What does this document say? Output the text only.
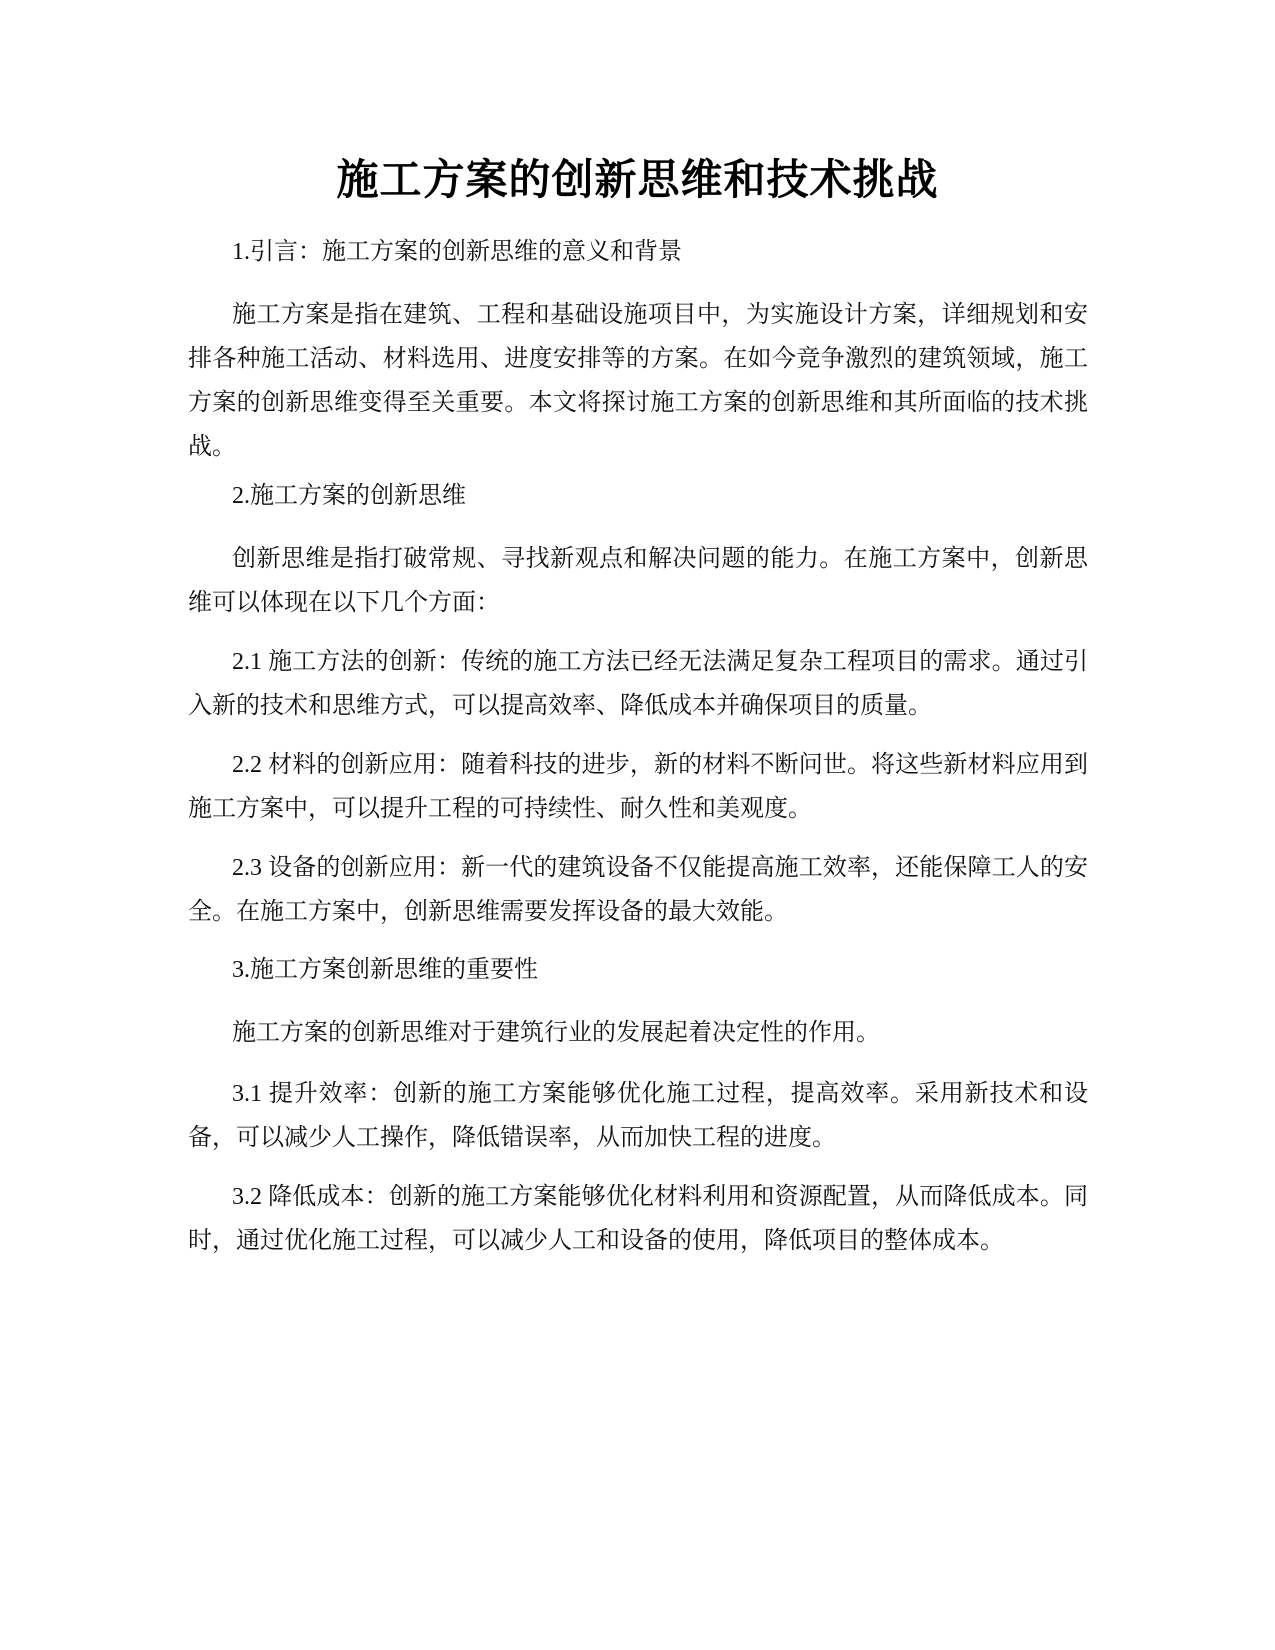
施工方案的创新思维和技术挑战

1.引言：施工方案的创新思维的意义和背景

施工方案是指在建筑、工程和基础设施项目中，为实施设计方案，详细规划和安排各种施工活动、材料选用、进度安排等的方案。在如今竞争激烈的建筑领域，施工方案的创新思维变得至关重要。本文将探讨施工方案的创新思维和其所面临的技术挑战。

2.施工方案的创新思维

创新思维是指打破常规、寻找新观点和解决问题的能力。在施工方案中，创新思维可以体现在以下几个方面：

2.1 施工方法的创新：传统的施工方法已经无法满足复杂工程项目的需求。通过引入新的技术和思维方式，可以提高效率、降低成本并确保项目的质量。

2.2 材料的创新应用：随着科技的进步，新的材料不断问世。将这些新材料应用到施工方案中，可以提升工程的可持续性、耐久性和美观度。

2.3 设备的创新应用：新一代的建筑设备不仅能提高施工效率，还能保障工人的安全。在施工方案中，创新思维需要发挥设备的最大效能。

3.施工方案创新思维的重要性

施工方案的创新思维对于建筑行业的发展起着决定性的作用。

3.1 提升效率：创新的施工方案能够优化施工过程，提高效率。采用新技术和设备，可以减少人工操作，降低错误率，从而加快工程的进度。

3.2 降低成本：创新的施工方案能够优化材料利用和资源配置，从而降低成本。同时，通过优化施工过程，可以减少人工和设备的使用，降低项目的整体成本。
